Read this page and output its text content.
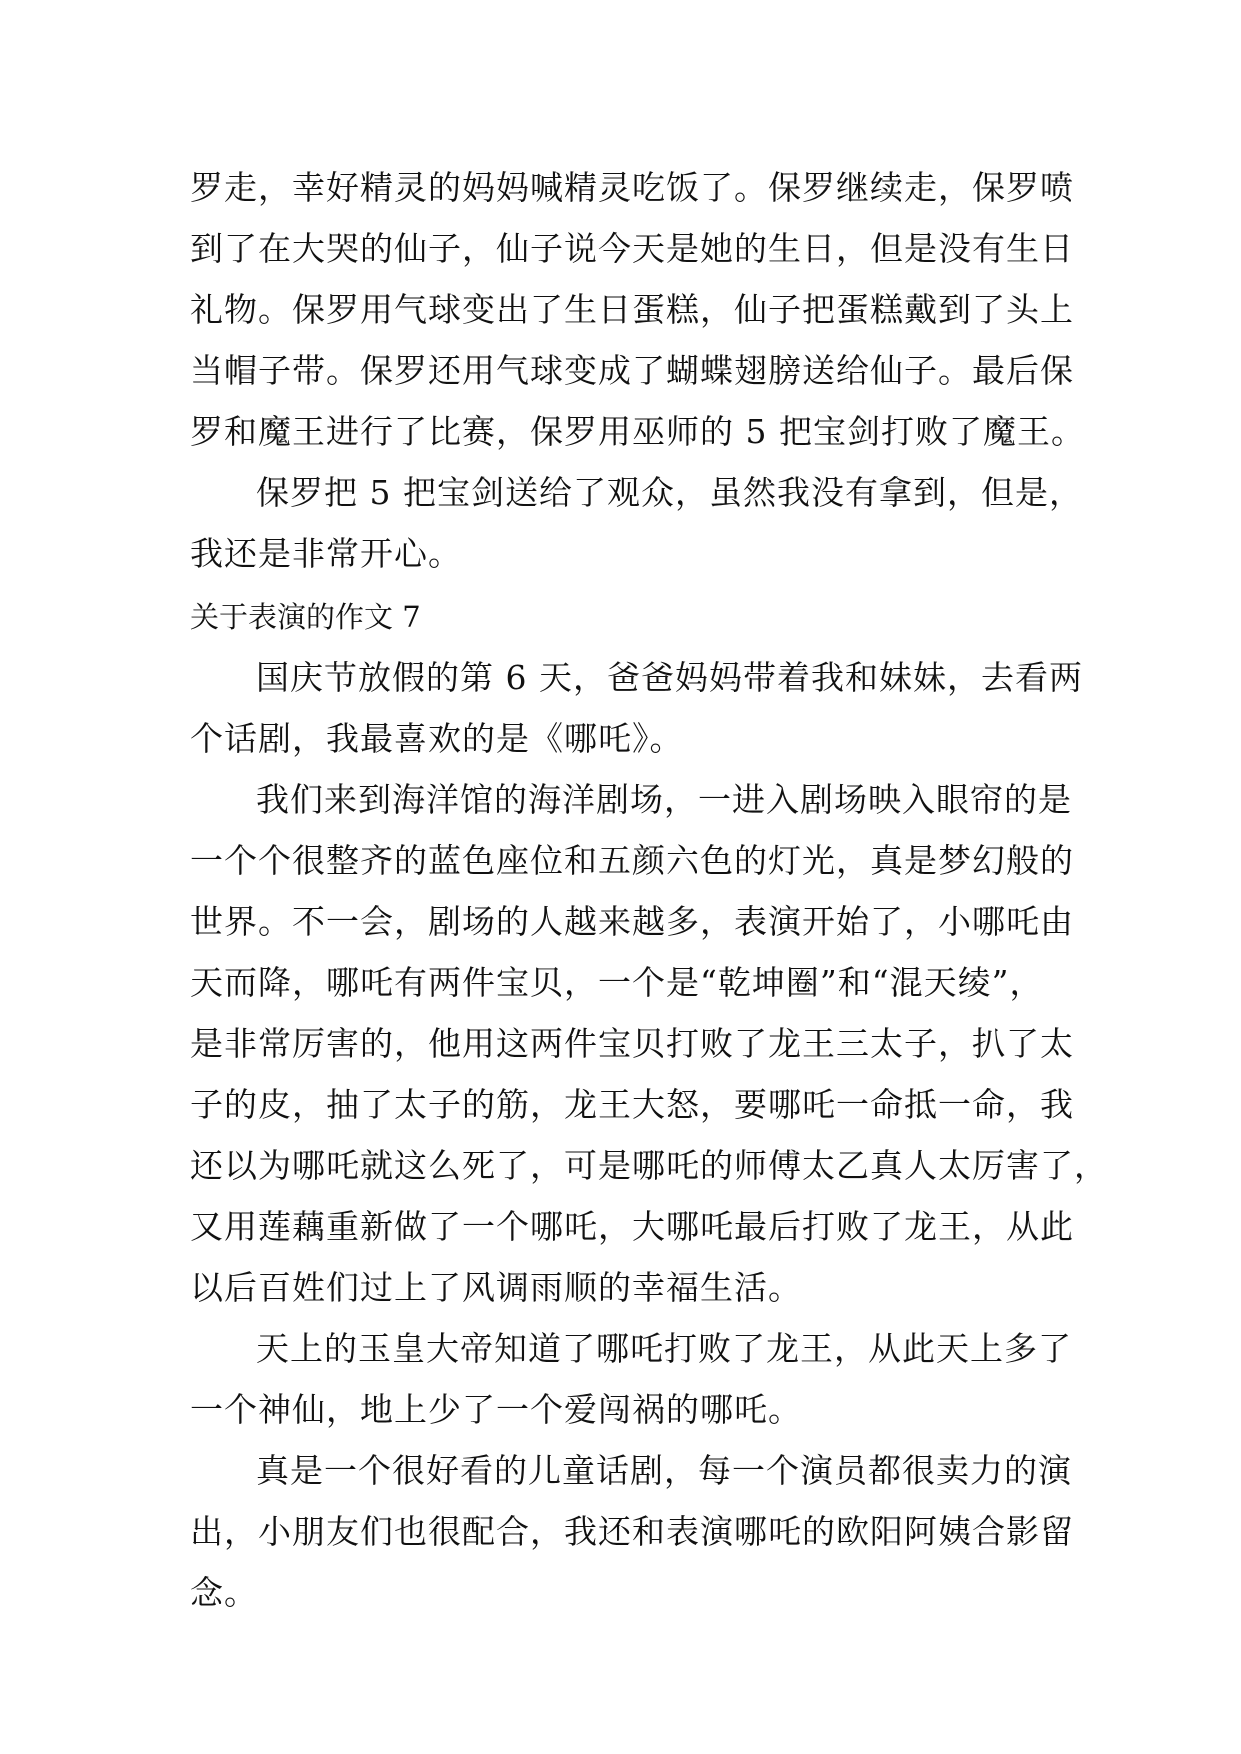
罗走，幸好精灵的妈妈喊精灵吃饭了。保罗继续走，保罗喷
到了在大哭的仙子，仙子说今天是她的生日，但是没有生日
礼物。保罗用气球变出了生日蛋糕，仙子把蛋糕戴到了头上
当帽子带。保罗还用气球变成了蝴蝶翅膀送给仙子。最后保
罗和魔王进行了比赛，保罗用巫师的 5 把宝剑打败了魔王。
保罗把 5 把宝剑送给了观众，虽然我没有拿到，但是，
我还是非常开心。
关于表演的作文 7
国庆节放假的第 6 天，爸爸妈妈带着我和妹妹，去看两
个话剧，我最喜欢的是《哪吒》。
我们来到海洋馆的海洋剧场，一进入剧场映入眼帘的是
一个个很整齐的蓝色座位和五颜六色的灯光，真是梦幻般的
世界。不一会，剧场的人越来越多，表演开始了，小哪吒由
天而降，哪吒有两件宝贝，一个是“乾坤圈”和“混天绫”，
是非常厉害的，他用这两件宝贝打败了龙王三太子，扒了太
子的皮，抽了太子的筋，龙王大怒，要哪吒一命抵一命，我
还以为哪吒就这么死了，可是哪吒的师傅太乙真人太厉害了，
又用莲藕重新做了一个哪吒，大哪吒最后打败了龙王，从此
以后百姓们过上了风调雨顺的幸福生活。
天上的玉皇大帝知道了哪吒打败了龙王，从此天上多了
一个神仙，地上少了一个爱闯祸的哪吒。
真是一个很好看的儿童话剧，每一个演员都很卖力的演
出，小朋友们也很配合，我还和表演哪吒的欧阳阿姨合影留
念。
